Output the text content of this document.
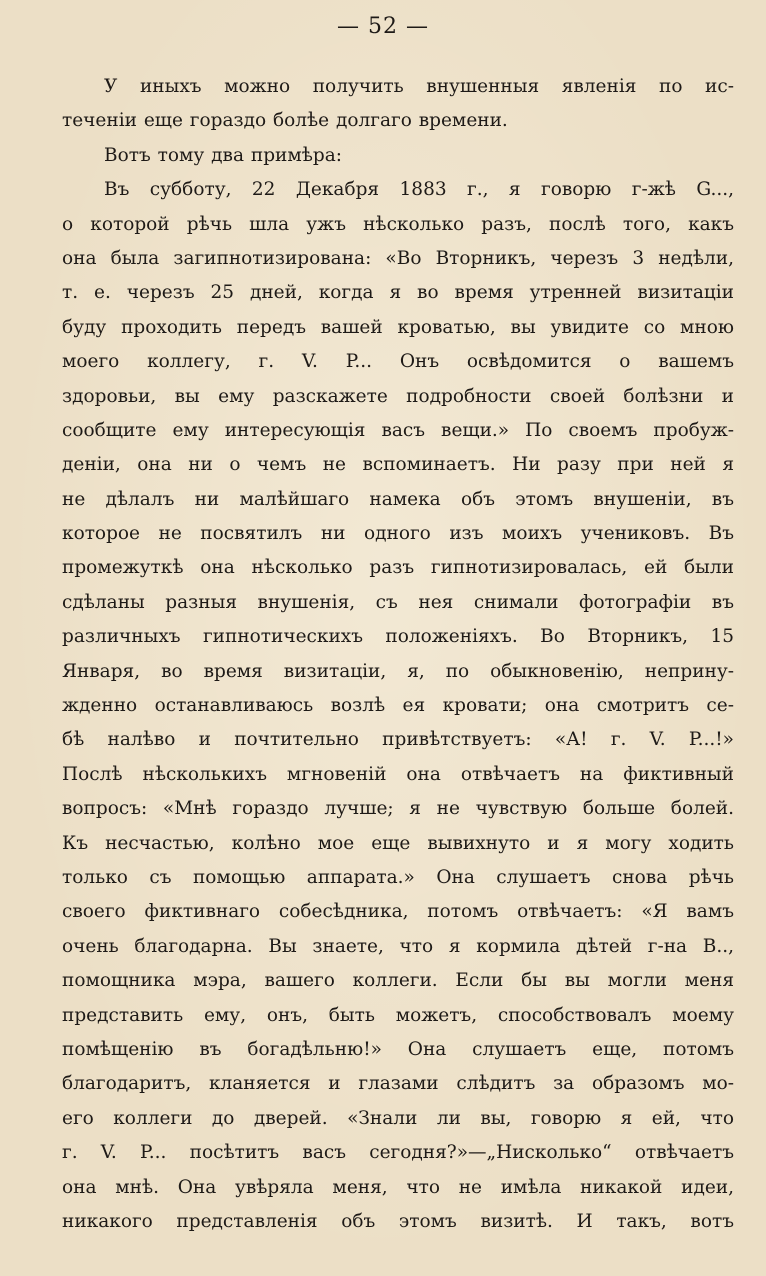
— 52 —
У иныхъ можно получить внушенныя явленія по ис-
теченіи еще гораздо болѣе долгаго времени.
Вотъ тому два примѣра:
Въ субботу, 22 Декабря 1883 г., я говорю г-жѣ G...,
о которой рѣчь шла ужъ нѣсколько разъ, послѣ того, какъ
она была загипнотизирована: «Во Вторникъ, черезъ 3 недѣли,
т. е. черезъ 25 дней, когда я во время утренней визитаціи
буду проходить передъ вашей кроватью, вы увидите со мною
моего коллегу, г. V. P... Онъ освѣдомится о вашемъ
здоровьи, вы ему разскажете подробности своей болѣзни и
сообщите ему интересующія васъ вещи.» По своемъ пробуж-
деніи, она ни о чемъ не вспоминаетъ. Ни разу при ней я
не дѣлалъ ни малѣйшаго намека объ этомъ внушеніи, въ
которое не посвятилъ ни одного изъ моихъ учениковъ. Въ
промежуткѣ она нѣсколько разъ гипнотизировалась, ей были
сдѣланы разныя внушенія, съ нея снимали фотографіи въ
различныхъ гипнотическихъ положеніяхъ. Во Вторникъ, 15
Января, во время визитаціи, я, по обыкновенію, неприну-
жденно останавливаюсь возлѣ ея кровати; она смотритъ се-
бѣ налѣво и почтительно привѣтствуетъ: «А! г. V. P...!»
Послѣ нѣсколькихъ мгновеній она отвѣчаетъ на фиктивный
вопросъ: «Мнѣ гораздо лучше; я не чувствую больше болей.
Къ несчастью, колѣно мое еще вывихнуто и я могу ходить
только съ помощью аппарата.» Она слушаетъ снова рѣчь
своего фиктивнаго собесѣдника, потомъ отвѣчаетъ: «Я вамъ
очень благодарна. Вы знаете, что я кормила дѣтей г-на В..,
помощника мэра, вашего коллеги. Если бы вы могли меня
представить ему, онъ, быть можетъ, способствовалъ моему
помѣщенію въ богадѣльню!» Она слушаетъ еще, потомъ
благодаритъ, кланяется и глазами слѣдитъ за образомъ мо-
его коллеги до дверей. «Знали ли вы, говорю я ей, что
г. V. P... посѣтитъ васъ сегодня?»—„Нисколько“ отвѣчаетъ
она мнѣ. Она увѣряла меня, что не имѣла никакой идеи,
никакого представленія объ этомъ визитѣ. И такъ, вотъ
